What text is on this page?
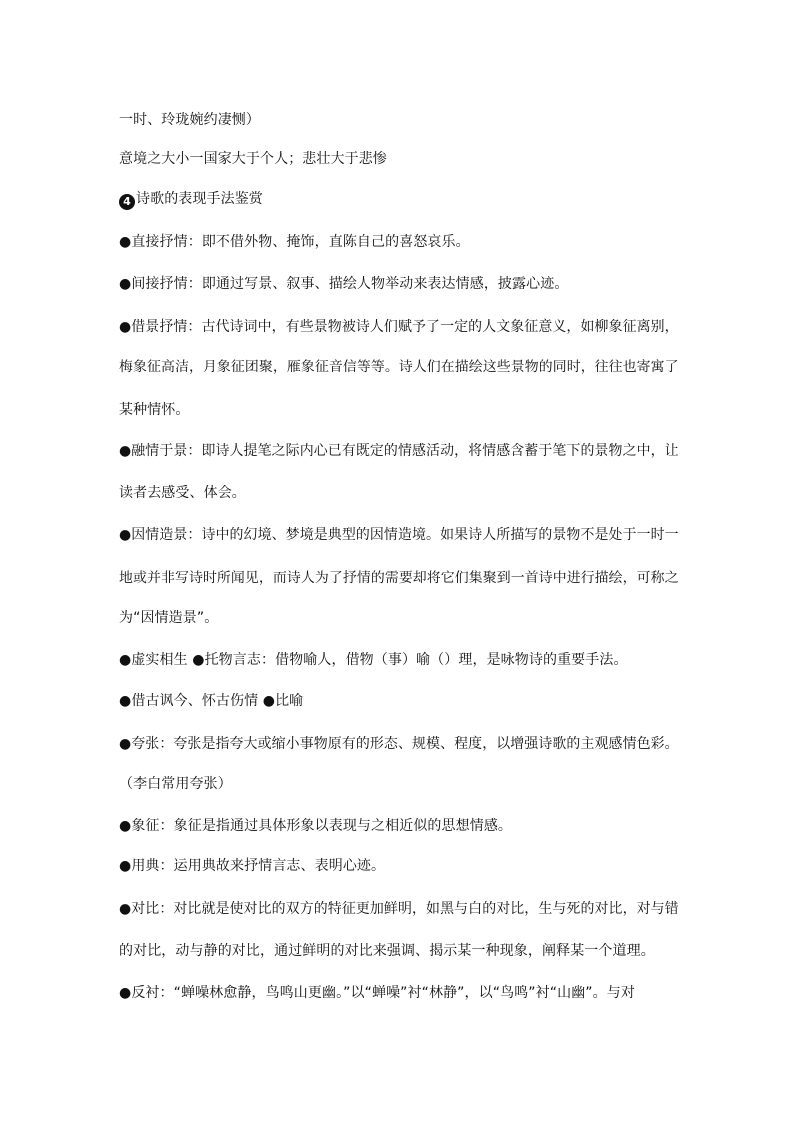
一时、玲珑婉约凄恻）
意境之大小一国家大于个人；悲壮大于悲惨
4 诗歌的表现手法鉴赏
●直接抒情：即不借外物、掩饰，直陈自己的喜怒哀乐。
●间接抒情：即通过写景、叙事、描绘人物举动来表达情感，披露心迹。
●借景抒情：古代诗词中，有些景物被诗人们赋予了一定的人文象征意义，如柳象征离别，
梅象征高洁，月象征团聚，雁象征音信等等。诗人们在描绘这些景物的同时，往往也寄寓了
某种情怀。
●融情于景：即诗人提笔之际内心已有既定的情感活动，将情感含蓄于笔下的景物之中，让
读者去感受、体会。
●因情造景：诗中的幻境、梦境是典型的因情造境。如果诗人所描写的景物不是处于一时一
地或并非写诗时所闻见，而诗人为了抒情的需要却将它们集聚到一首诗中进行描绘，可称之
为“因情造景”。
●虚实相生 ●托物言志：借物喻人，借物（事）喻（）理，是咏物诗的重要手法。
●借古讽今、怀古伤情 ●比喻
●夸张：夸张是指夸大或缩小事物原有的形态、规模、程度，以增强诗歌的主观感情色彩。
（李白常用夸张）
●象征：象征是指通过具体形象以表现与之相近似的思想情感。
●用典：运用典故来抒情言志、表明心迹。
●对比：对比就是使对比的双方的特征更加鲜明，如黑与白的对比，生与死的对比，对与错
的对比，动与静的对比，通过鲜明的对比来强调、揭示某一种现象，阐释某一个道理。
●反衬：“蝉噪林愈静，鸟鸣山更幽。”以“蝉噪”衬“林静”，以“鸟鸣”衬“山幽”。与对
